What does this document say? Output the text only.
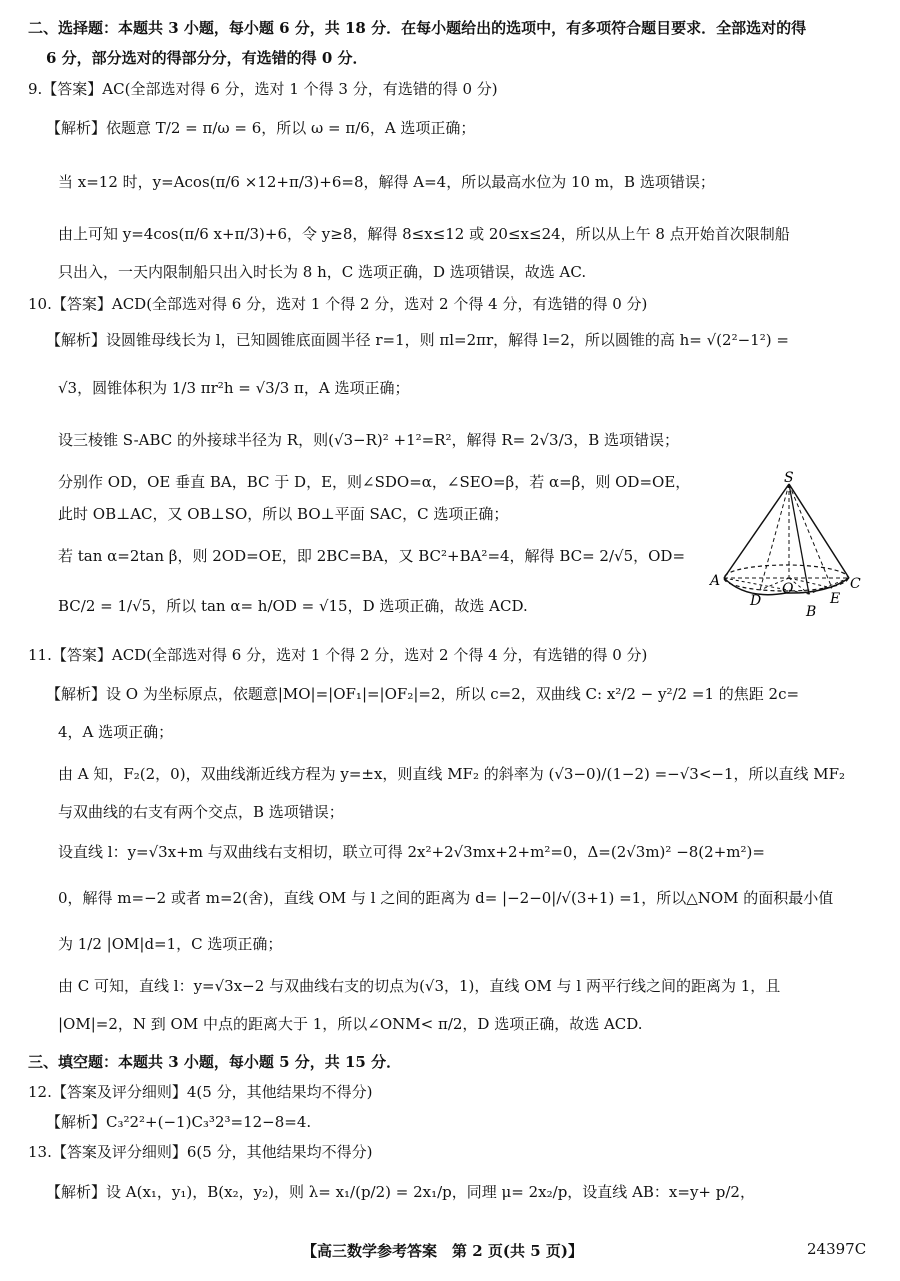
二、选择题：本题共 3 小题，每小题 6 分，共 18 分．在每小题给出的选项中，有多项符合题目要求．全部选对的得
6 分，部分选对的得部分分，有选错的得 0 分．
9.【答案】AC(全部选对得 6 分，选对 1 个得 3 分，有选错的得 0 分)
【解析】依题意 T/2 = π/ω = 6，所以 ω = π/6，A 选项正确；
当 x=12 时，y=Acos(π/6 ×12+π/3)+6=8，解得 A=4，所以最高水位为 10 m，B 选项错误；
由上可知 y=4cos(π/6 x+π/3)+6，令 y≥8，解得 8≤x≤12 或 20≤x≤24，所以从上午 8 点开始首次限制船
只出入，一天内限制船只出入时长为 8 h，C 选项正确，D 选项错误，故选 AC.
10.【答案】ACD(全部选对得 6 分，选对 1 个得 2 分，选对 2 个得 4 分，有选错的得 0 分)
【解析】设圆锥母线长为 l，已知圆锥底面圆半径 r=1，则 πl=2πr，解得 l=2，所以圆锥的高 h= √(2²−1²) =
√3，圆锥体积为 1/3 πr²h = √3/3 π，A 选项正确；
设三棱锥 S-ABC 的外接球半径为 R，则(√3−R)² +1²=R²，解得 R= 2√3/3，B 选项错误；
分别作 OD，OE 垂直 BA，BC 于 D，E，则∠SDO=α，∠SEO=β，若 α=β，则 OD=OE，
此时 OB⊥AC，又 OB⊥SO，所以 BO⊥平面 SAC，C 选项正确；
若 tan α=2tan β，则 2OD=OE，即 2BC=BA，又 BC²+BA²=4，解得 BC= 2/√5，OD=
BC/2 = 1/√5，所以 tan α= h/OD = √15，D 选项正确，故选 ACD.
11.【答案】ACD(全部选对得 6 分，选对 1 个得 2 分，选对 2 个得 4 分，有选错的得 0 分)
【解析】设 O 为坐标原点，依题意|MO|=|OF₁|=|OF₂|=2，所以 c=2，双曲线 C: x²/2 − y²/2 =1 的焦距 2c=
4，A 选项正确；
由 A 知，F₂(2，0)，双曲线渐近线方程为 y=±x，则直线 MF₂ 的斜率为 (√3−0)/(1−2) =−√3<−1，所以直线 MF₂
与双曲线的右支有两个交点，B 选项错误；
设直线 l：y=√3x+m 与双曲线右支相切，联立可得 2x²+2√3mx+2+m²=0，Δ=(2√3m)² −8(2+m²)=
0，解得 m=−2 或者 m=2(舍)，直线 OM 与 l 之间的距离为 d= |−2−0|/√(3+1) =1，所以△NOM 的面积最小值
为 1/2 |OM|d=1，C 选项正确；
由 C 可知，直线 l：y=√3x−2 与双曲线右支的切点为(√3，1)，直线 OM 与 l 两平行线之间的距离为 1，且
|OM|=2，N 到 OM 中点的距离大于 1，所以∠ONM< π/2，D 选项正确，故选 ACD.
三、填空题：本题共 3 小题，每小题 5 分，共 15 分．
12.【答案及评分细则】4(5 分，其他结果均不得分)
【解析】C₃²2²+(−1)C₃³2³=12−8=4.
13.【答案及评分细则】6(5 分，其他结果均不得分)
【解析】设 A(x₁，y₁)，B(x₂，y₂)，则 λ= x₁/(p/2) = 2x₁/p，同理 μ= 2x₂/p，设直线 AB：x=y+ p/2，
S
A	C
O
D	E
B
【高三数学参考答案　第 2 页(共 5 页)】	24397C
